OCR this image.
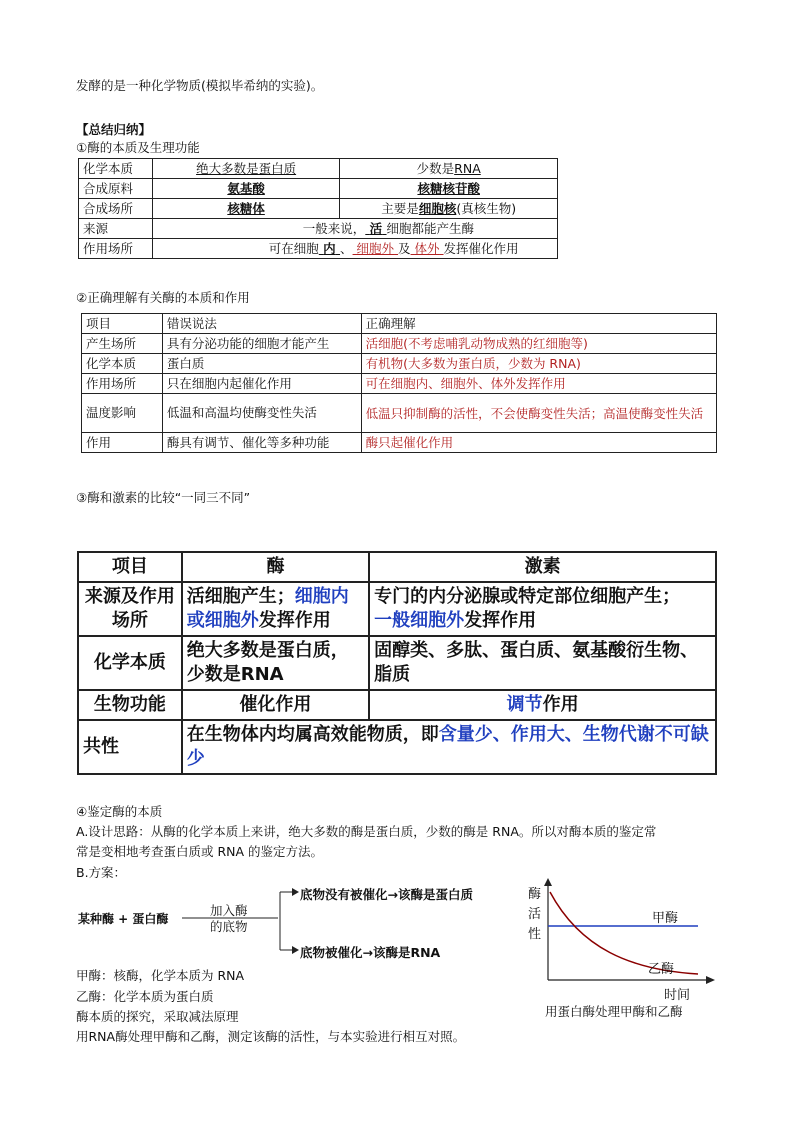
发酵的是一种化学物质(模拟毕希纳的实验)。
【总结归纳】
①酶的本质及生理功能
化学本质	绝大多数是蛋白质	少数是RNA
合成原料	氨基酸	核糖核苷酸
合成场所	核糖体	主要是细胞核(真核生物)
来源	一般来说， 活 细胞都能产生酶	
作用场所	可在细胞 内 、 细胞外 及 体外 发挥催化作用	
②正确理解有关酶的本质和作用
项目	错误说法	正确理解
产生场所	具有分泌功能的细胞才能产生	活细胞(不考虑哺乳动物成熟的红细胞等)
化学本质	蛋白质	有机物(大多数为蛋白质，少数为 RNA)
作用场所	只在细胞内起催化作用	可在细胞内、细胞外、体外发挥作用
温度影响	低温和高温均使酶变性失活	低温只抑制酶的活性，不会使酶变性失活；高温使酶变性失活
作用	酶具有调节、催化等多种功能	酶只起催化作用
③酶和激素的比较“一同三不同”
项目	酶	激素
来源及作用场所	活细胞产生；细胞内或细胞外发挥作用	专门的内分泌腺或特定部位细胞产生；
一般细胞外发挥作用
化学本质	绝大多数是蛋白质，少数是RNA	固醇类、多肽、蛋白质、氨基酸衍生物、脂质
生物功能	催化作用	调节作用
共性	在生物体内均属高效能物质，即含量少、作用大、生物代谢不可缺少	
④鉴定酶的本质
A.设计思路：从酶的化学本质上来讲，绝大多数的酶是蛋白质，少数的酶是 RNA。所以对酶本质的鉴定常
常是变相地考查蛋白质或 RNA 的鉴定方法。
B.方案：
某种酶 + 蛋白酶
加入酶
的底物
底物没有被催化→该酶是蛋白质
底物被催化→该酶是RNA
甲酶：核酶，化学本质为 RNA
乙酶：化学本质为蛋白质
酶本质的探究，采取减法原理
用RNA酶处理甲酶和乙酶，测定该酶的活性，与本实验进行相互对照。
酶
活
性
甲酶
乙酶
时间
用蛋白酶处理甲酶和乙酶
